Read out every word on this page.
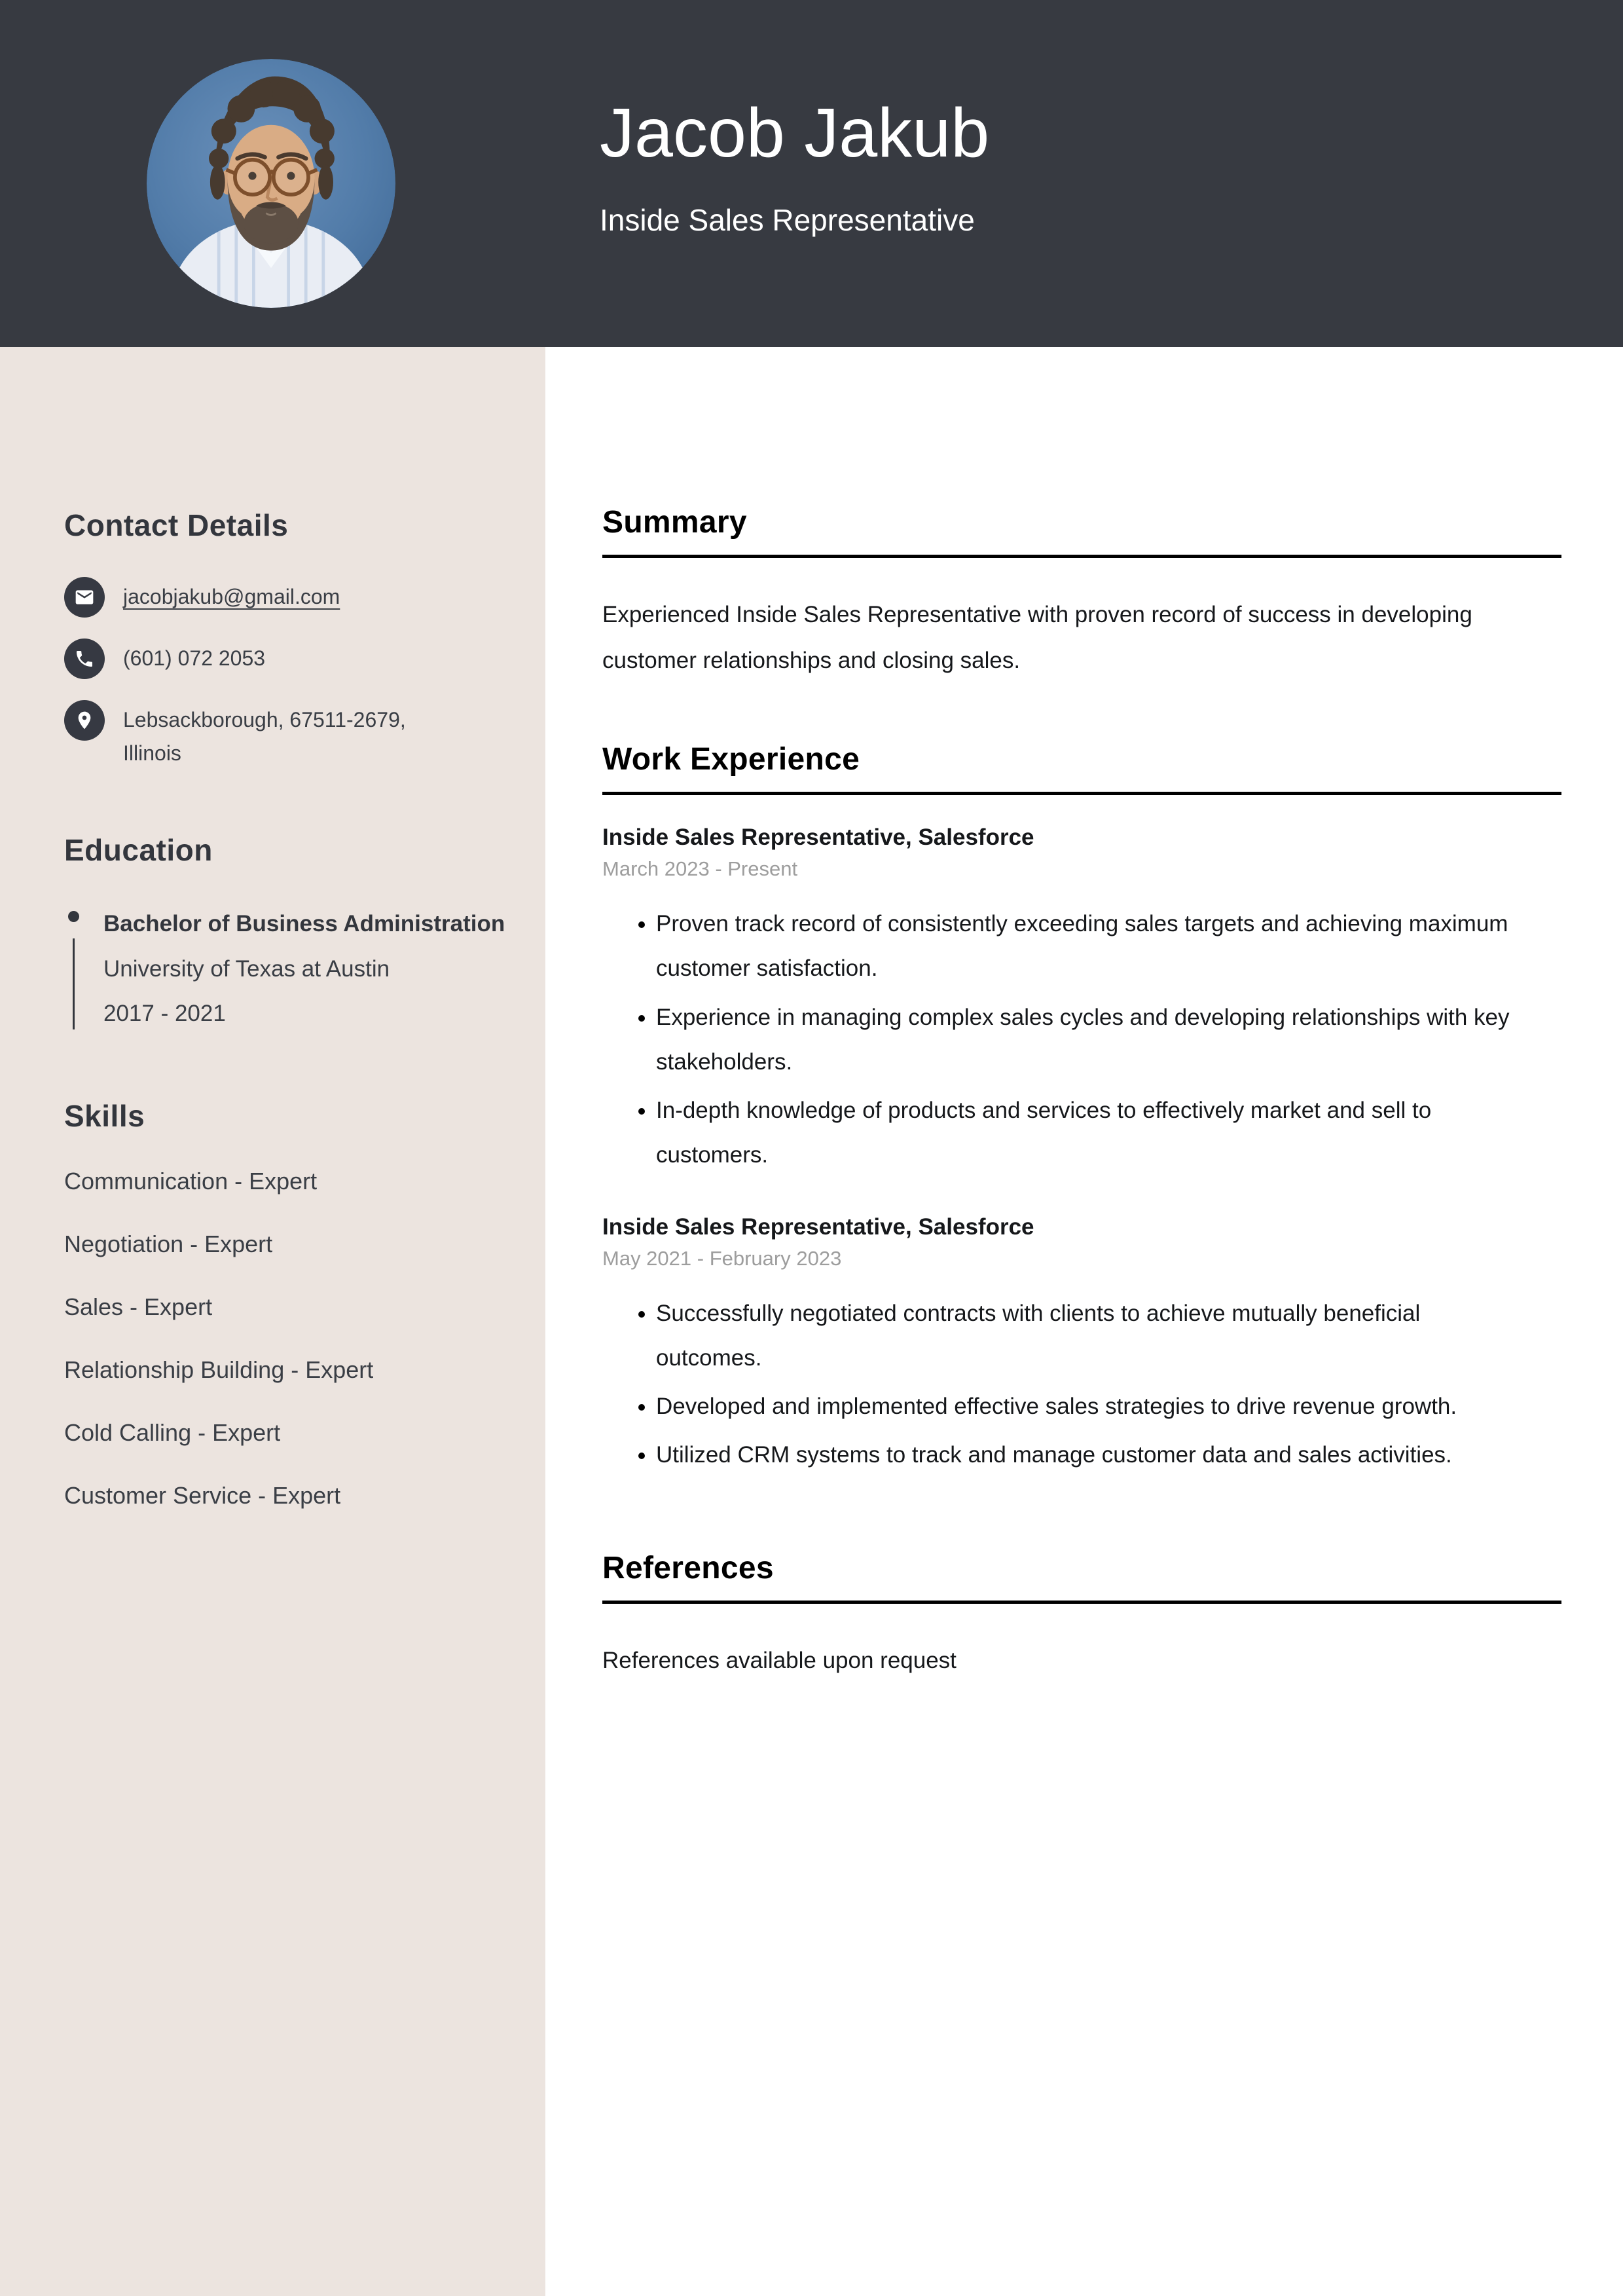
Jacob Jakub
Inside Sales Representative
Contact Details
jacobjakub@gmail.com
(601) 072 2053
Lebsackborough, 67511-2679, Illinois
Education
Bachelor of Business Administration
University of Texas at Austin
2017 - 2021
Skills
Communication - Expert
Negotiation - Expert
Sales - Expert
Relationship Building - Expert
Cold Calling - Expert
Customer Service - Expert
Summary

Experienced Inside Sales Representative with proven record of success in developing customer relationships and closing sales.

Work Experience
Inside Sales Representative, Salesforce
March 2023 - Present
• Proven track record of consistently exceeding sales targets and achieving maximum customer satisfaction.
• Experience in managing complex sales cycles and developing relationships with key stakeholders.
• In-depth knowledge of products and services to effectively market and sell to customers.
Inside Sales Representative, Salesforce
May 2021 - February 2023
• Successfully negotiated contracts with clients to achieve mutually beneficial outcomes.
• Developed and implemented effective sales strategies to drive revenue growth.
• Utilized CRM systems to track and manage customer data and sales activities.
References

References available upon request
